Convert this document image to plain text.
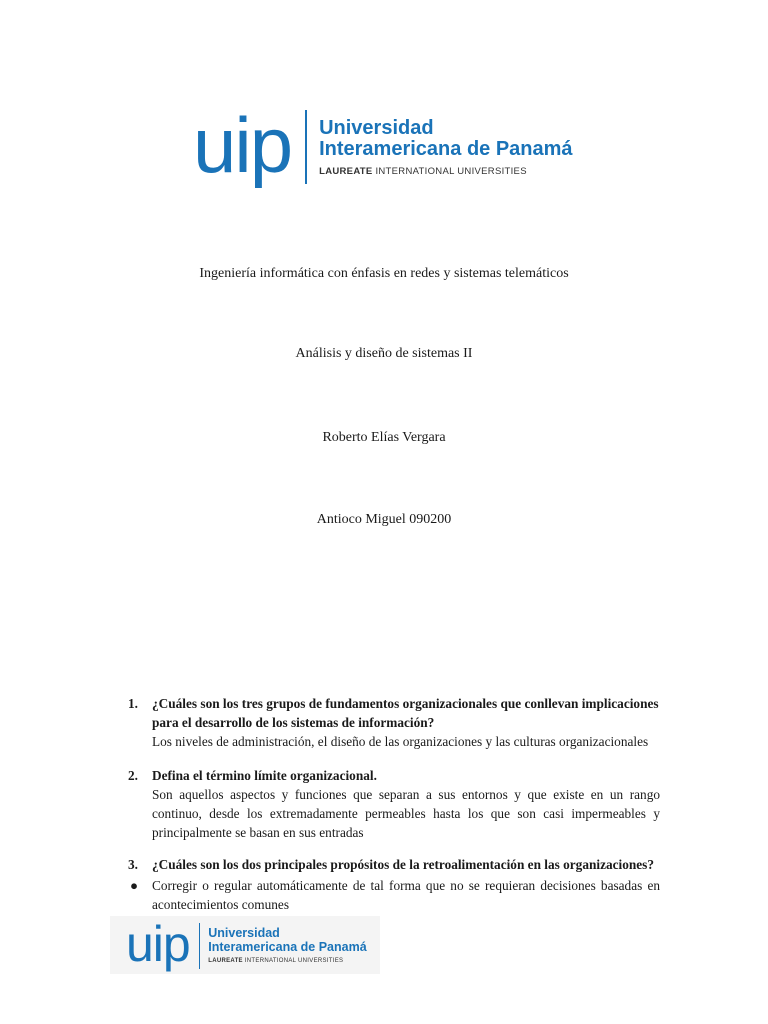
uip Universidad
Interamericana de Panamá
LAUREATE INTERNATIONAL UNIVERSITIES
Ingeniería informática con énfasis en redes y sistemas telemáticos
Análisis y diseño de sistemas II
Roberto Elías Vergara
Antioco Miguel 090200
1. ¿Cuáles son los tres grupos de fundamentos organizacionales que conllevan implicaciones para el desarrollo de los sistemas de información?
Los niveles de administración, el diseño de las organizaciones y las culturas organizacionales
2. Defina el término límite organizacional.
Son aquellos aspectos y funciones que separan a sus entornos y que existe en un rango continuo, desde los extremadamente permeables hasta los que son casi impermeables y principalmente se basan en sus entradas
3. ¿Cuáles son los dos principales propósitos de la retroalimentación en las organizaciones?
● Corregir o regular automáticamente de tal forma que no se requieran decisiones basadas en acontecimientos comunes
uip Universidad
Interamericana de Panamá
LAUREATE INTERNATIONAL UNIVERSITIES
